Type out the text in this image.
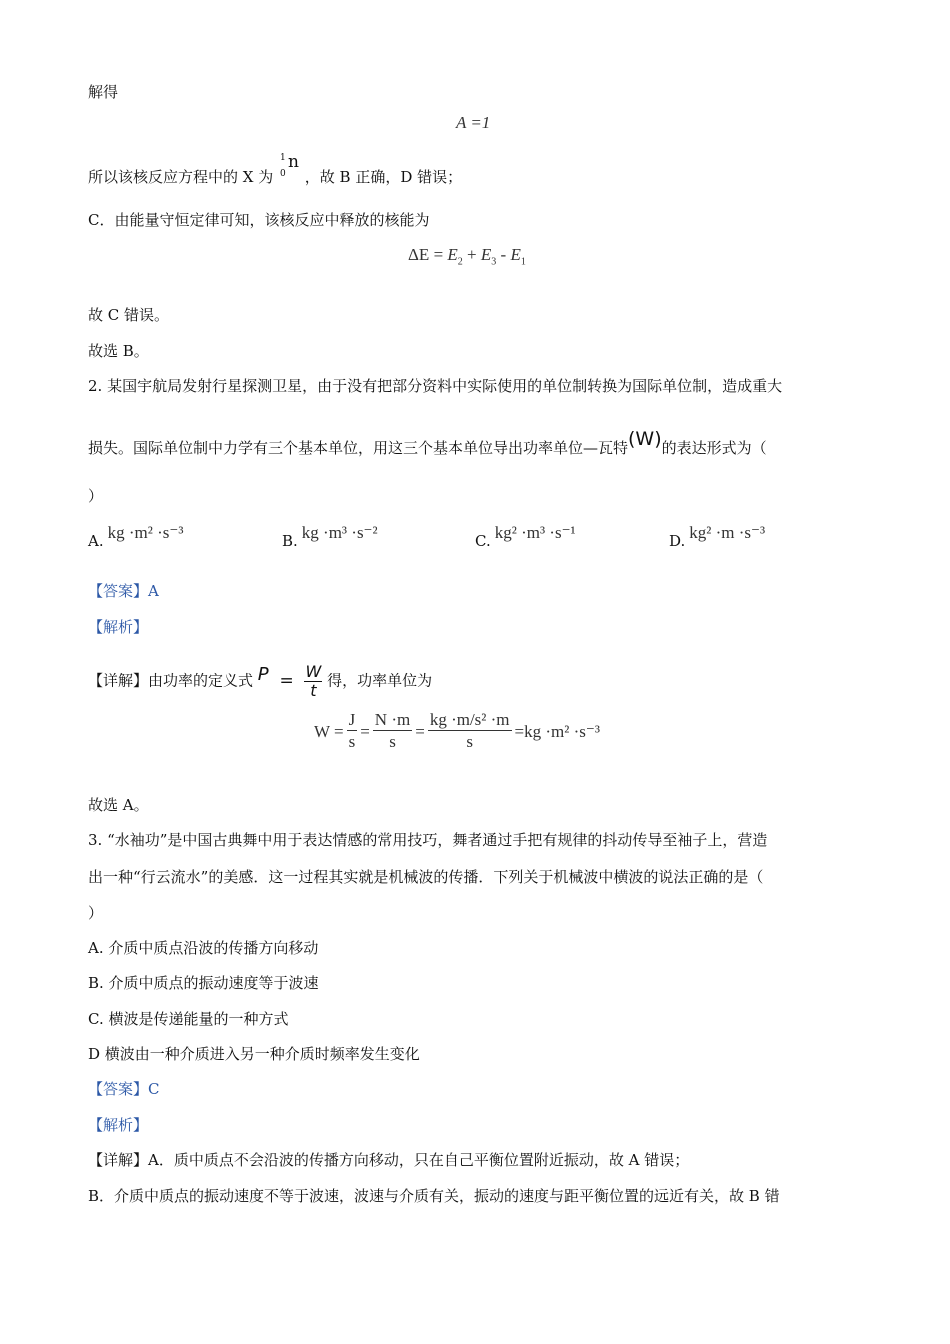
解得
A =1
所以该核反应方程中的 X 为
1
0
n
，故 B 正确，D 错误；
C．由能量守恒定律可知，该核反应中释放的核能为
$\Delta E = E_2 + E_3 - E_1$
故 C 错误。
故选 B。
2. 某国宇航局发射行星探测卫星，由于没有把部分资料中实际使用的单位制转换为国际单位制，造成重大
损失。国际单位制中力学有三个基本单位，用这三个基本单位导出功率单位—瓦特(W)的表达形式为（
）
A. kg ·m² ·s⁻³	B. kg ·m³ ·s⁻²	C. kg² ·m³ ·s⁻¹	D. kg² ·m ·s⁻³
【答案】A
【解析】
【详解】由功率的定义式 $P = \frac{W}{t}$ 得，功率单位为
$W = \frac{J}{s} = \frac{N \cdot m}{s} = \frac{\text{kg ·m/s² ·m}}{s} =kg \cdot m^2 \cdot s^{-3}$
故选 A。
3. “水袖功”是中国古典舞中用于表达情感的常用技巧，舞者通过手把有规律的抖动传导至袖子上，营造
出一种“行云流水”的美感．这一过程其实就是机械波的传播．下列关于机械波中横波的说法正确的是（
）
A. 介质中质点沿波的传播方向移动
B. 介质中质点的振动速度等于波速
C. 横波是传递能量的一种方式
D 横波由一种介质进入另一种介质时频率发生变化
【答案】C
【解析】
【详解】A．质中质点不会沿波的传播方向移动，只在自己平衡位置附近振动，故 A 错误；
B．介质中质点的振动速度不等于波速，波速与介质有关，振动的速度与距平衡位置的远近有关，故 B 错
